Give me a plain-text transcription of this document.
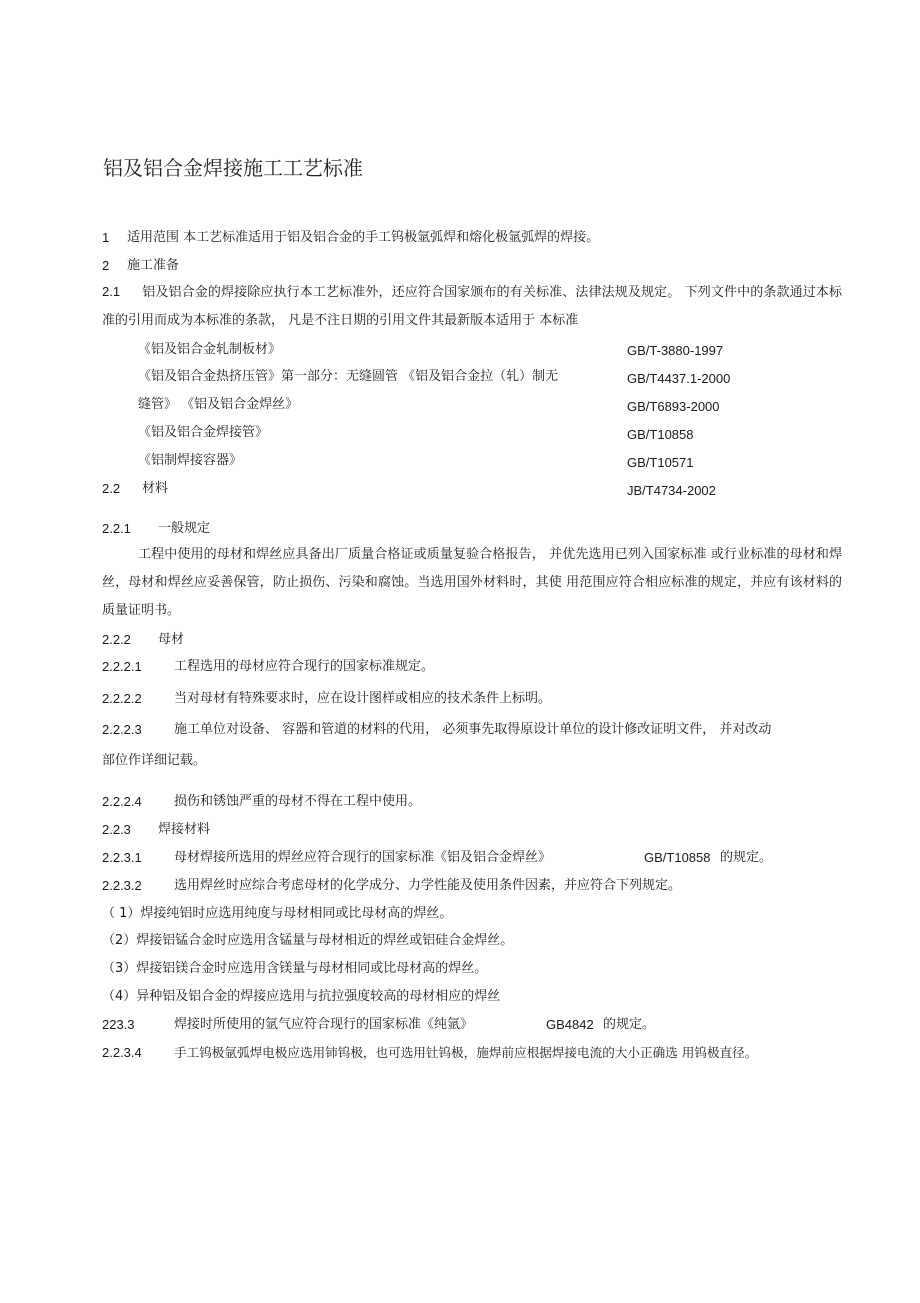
铝及铝合金焊接施工工艺标准
1 适用范围 本工艺标准适用于铝及铝合金的手工钨极氩弧焊和熔化极氩弧焊的焊接。
2 施工准备
2.1 铝及铝合金的焊接除应执行本工艺标准外，还应符合国家颁布的有关标准、法律法规及规定。 下列文件中的条款通过本标准的引用而成为本标准的条款， 凡是不注日期的引用文件其最新版本适用于 本标准
《铝及铝合金轧制板材》	GB/T-3880-1997
《铝及铝合金热挤压管》第一部分：无缝圆管 《铝及铝合金拉（轧）制无	GB/T4437.1-2000
缝管》 《铝及铝合金焊丝》	GB/T6893-2000
《铝及铝合金焊接管》	GB/T10858
《铝制焊接容器》	GB/T10571
2.2 材料	JB/T4734-2002
2.2.1 一般规定
工程中使用的母材和焊丝应具备出厂质量合格证或质量复验合格报告， 并优先选用已列入国家标准 或行业标准的母材和焊丝，母材和焊丝应妥善保管，防止损伤、污染和腐蚀。当选用国外材料时，其使 用范围应符合相应标准的规定，并应有该材料的质量证明书。
2.2.2 母材
2.2.2.1 工程选用的母材应符合现行的国家标准规定。
2.2.2.2 当对母材有特殊要求时，应在设计图样或相应的技术条件上标明。
2.2.2.3 施工单位对设备、 容器和管道的材料的代用， 必须事先取得原设计单位的设计修改证明文件， 并对改动
部位作详细记载。
2.2.2.4 损伤和锈蚀严重的母材不得在工程中使用。
2.2.3 焊接材料
2.2.3.1 母材焊接所选用的焊丝应符合现行的国家标准《铝及铝合金焊丝》	GB/T10858 的规定。
2.2.3.2 选用焊丝时应综合考虑母材的化学成分、力学性能及使用条件因素，并应符合下列规定。
（ 1）焊接纯铝时应选用纯度与母材相同或比母材高的焊丝。
（2）焊接铝锰合金时应选用含锰量与母材相近的焊丝或铝硅合金焊丝。
（3）焊接铝镁合金时应选用含镁量与母材相同或比母材高的焊丝。
（4）异种铝及铝合金的焊接应选用与抗拉强度较高的母材相应的焊丝
223.3	焊接时所使用的氩气应符合现行的国家标准《纯氩》	GB4842 的规定。
2.2.3.4	手工钨极氩弧焊电极应选用铈钨极，也可选用钍钨极，施焊前应根据焊接电流的大小正确选 用钨极直径。
